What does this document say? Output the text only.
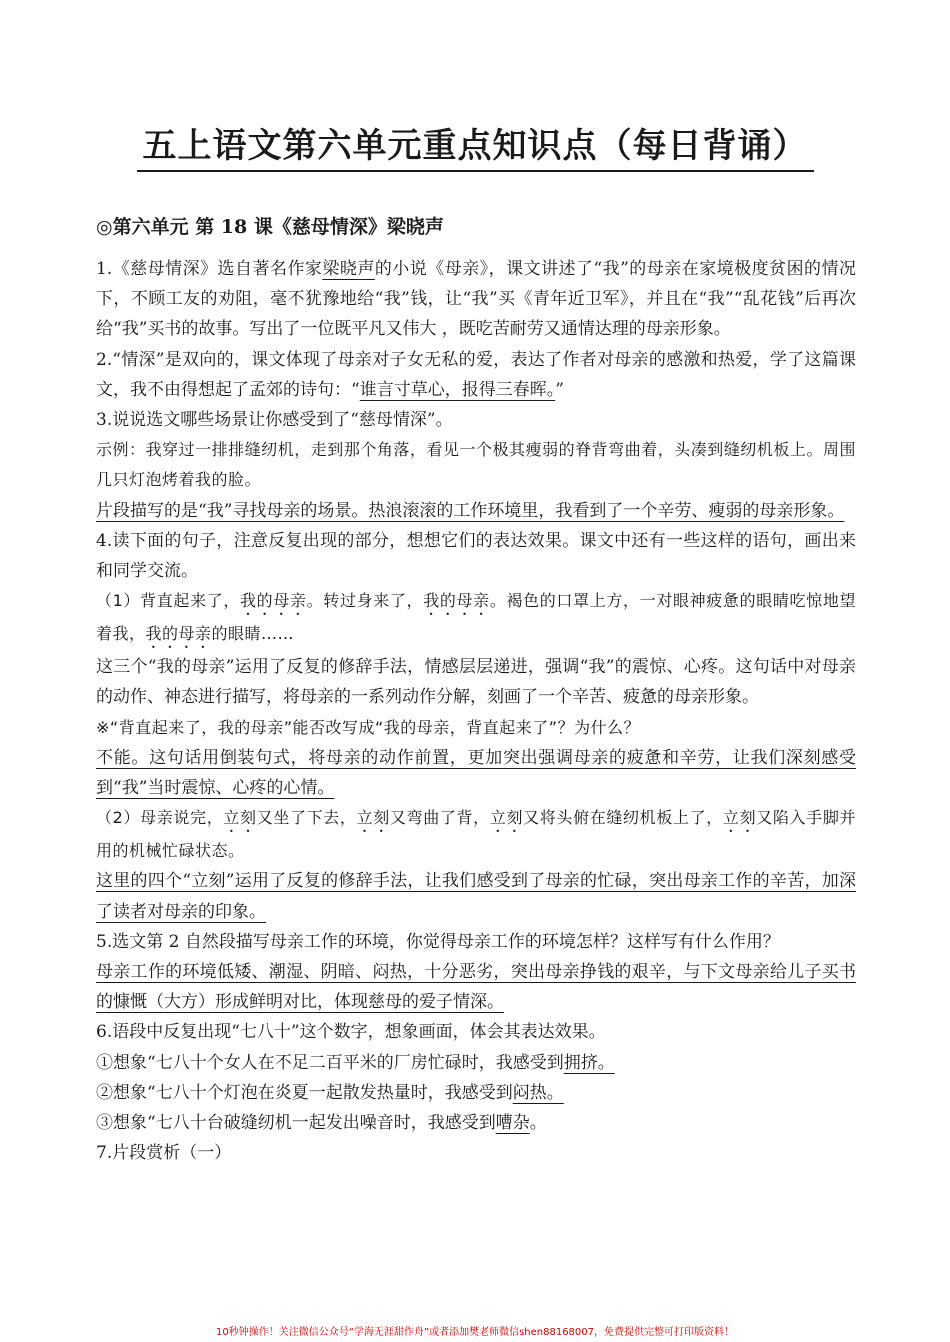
五上语文第六单元重点知识点（每日背诵）
◎第六单元 第 18 课《慈母情深》梁晓声

1.《慈母情深》选自著名作家梁晓声的小说《母亲》，课文讲述了“我”的母亲在家境极度贫困的情况下，不顾工友的劝阻，毫不犹豫地给“我”钱，让“我”买《青年近卫军》，并且在“我”“乱花钱”后再次给“我”买书的故事。写出了一位既平凡又伟大 ，既吃苦耐劳又通情达理的母亲形象。

2.“情深”是双向的，课文体现了母亲对子女无私的爱，表达了作者对母亲的感激和热爱，学了这篇课文，我不由得想起了孟郊的诗句：“谁言寸草心，报得三春晖。”

3.说说选文哪些场景让你感受到了“慈母情深”。

示例：我穿过一排排缝纫机，走到那个角落，看见一个极其瘦弱的脊背弯曲着，头凑到缝纫机板上。周围几只灯泡烤着我的脸。

片段描写的是“我”寻找母亲的场景。热浪滚滚的工作环境里，我看到了一个辛劳、瘦弱的母亲形象。

4.读下面的句子，注意反复出现的部分，想想它们的表达效果。课文中还有一些这样的语句，画出来和同学交流。

（1）背直起来了，我的母亲。转过身来了，我的母亲。褐色的口罩上方，一对眼神疲惫的眼睛吃惊地望着我，我的母亲的眼睛……

这三个“我的母亲”运用了反复的修辞手法，情感层层递进，强调“我”的震惊、心疼。这句话中对母亲的动作、神态进行描写，将母亲的一系列动作分解，刻画了一个辛苦、疲惫的母亲形象。

※“背直起来了，我的母亲”能否改写成“我的母亲，背直起来了”？为什么？

不能。这句话用倒装句式，将母亲的动作前置，更加突出强调母亲的疲惫和辛劳，让我们深刻感受到“我”当时震惊、心疼的心情。

（2）母亲说完，立刻又坐了下去，立刻又弯曲了背，立刻又将头俯在缝纫机板上了，立刻又陷入手脚并用的机械忙碌状态。

这里的四个“立刻”运用了反复的修辞手法，让我们感受到了母亲的忙碌，突出母亲工作的辛苦，加深了读者对母亲的印象。

5.选文第 2 自然段描写母亲工作的环境，你觉得母亲工作的环境怎样？这样写有什么作用？

母亲工作的环境低矮、潮湿、阴暗、闷热，十分恶劣，突出母亲挣钱的艰辛，与下文母亲给儿子买书的慷慨（大方）形成鲜明对比，体现慈母的爱子情深。

6.语段中反复出现“七八十”这个数字，想象画面，体会其表达效果。

①想象“七八十个女人在不足二百平米的厂房忙碌时，我感受到拥挤。

②想象“七八十个灯泡在炎夏一起散发热量时，我感受到闷热。

③想象“七八十台破缝纫机一起发出噪音时，我感受到嘈杂。

7.片段赏析（一）

10秒钟操作！关注微信公众号“学海无涯甜作舟”或者添加樊老师微信shen88168007，免费提供完整可打印版资料！
